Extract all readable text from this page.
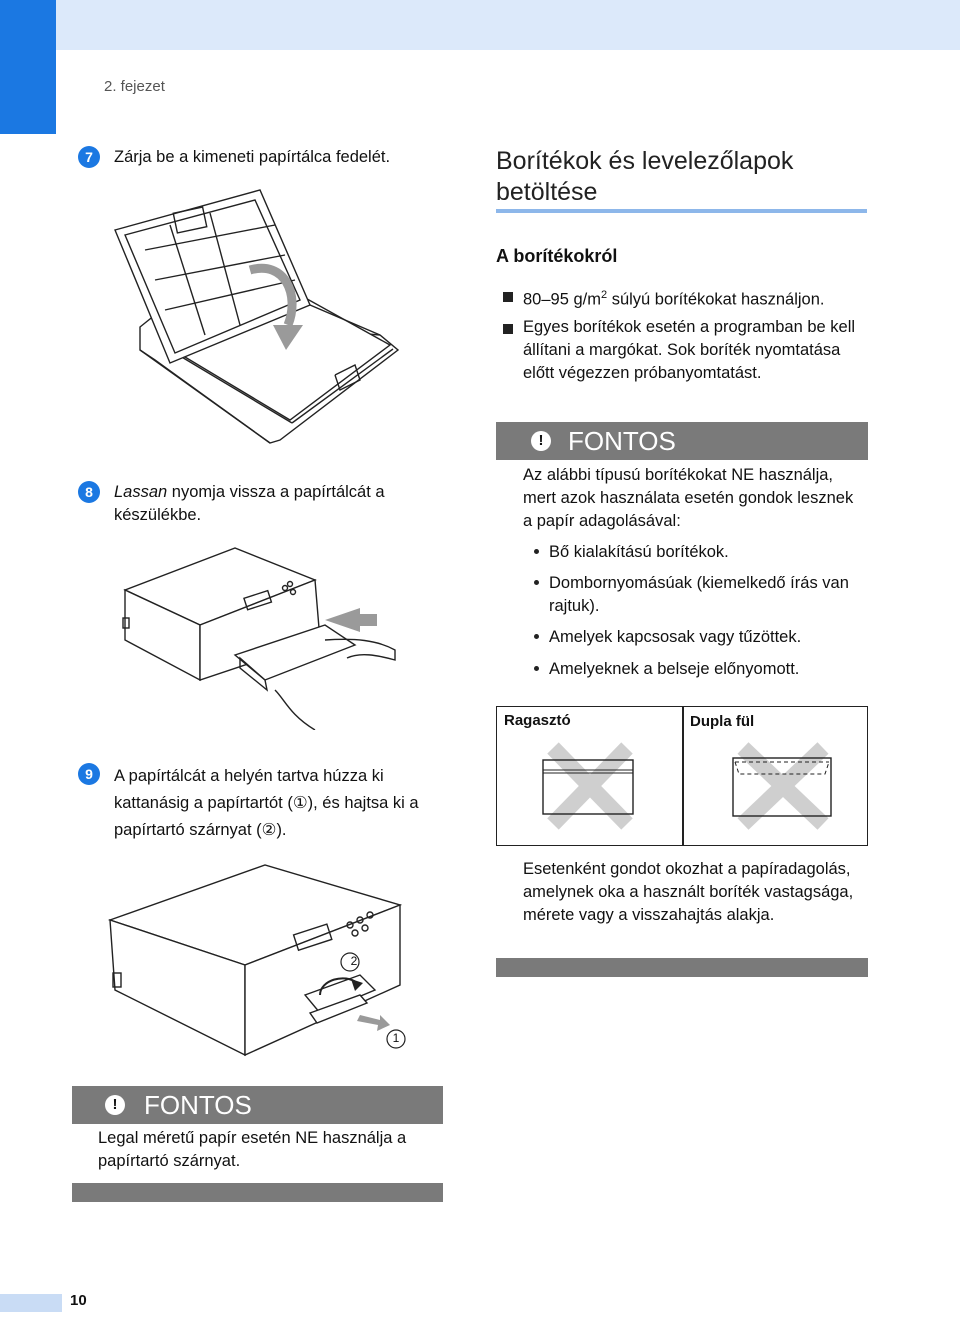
2. fejezet
7	Zárja be a kimeneti papírtálca fedelét.
8	Lassan nyomja vissza a papírtálcát a készülékbe.
9	A papírtálcát a helyén tartva húzza ki kattanásig a papírtartót (①), és hajtsa ki a papírtartó szárnyat (②).
2
1
! FONTOS
Legal méretű papír esetén NE használja a papírtartó szárnyat.
Borítékok és levelezőlapok betöltése
A borítékokról
80–95 $g/m^2$ súlyú borítékokat használjon.
Egyes borítékok esetén a programban be kell állítani a margókat. Sok boríték nyomtatása előtt végezzen próbanyomtatást.
! FONTOS
Az alábbi típusú borítékokat NE használja, mert azok használata esetén gondok lesznek a papír adagolásával:
Bő kialakítású borítékok.
Dombornyomásúak (kiemelkedő írás van rajtuk).
Amelyek kapcsosak vagy tűzöttek.
Amelyeknek a belseje előnyomott.
Ragasztó	Dupla fül
Esetenként gondot okozhat a papíradagolás, amelynek oka a használt boríték vastagsága, mérete vagy a visszahajtás alakja.
10
